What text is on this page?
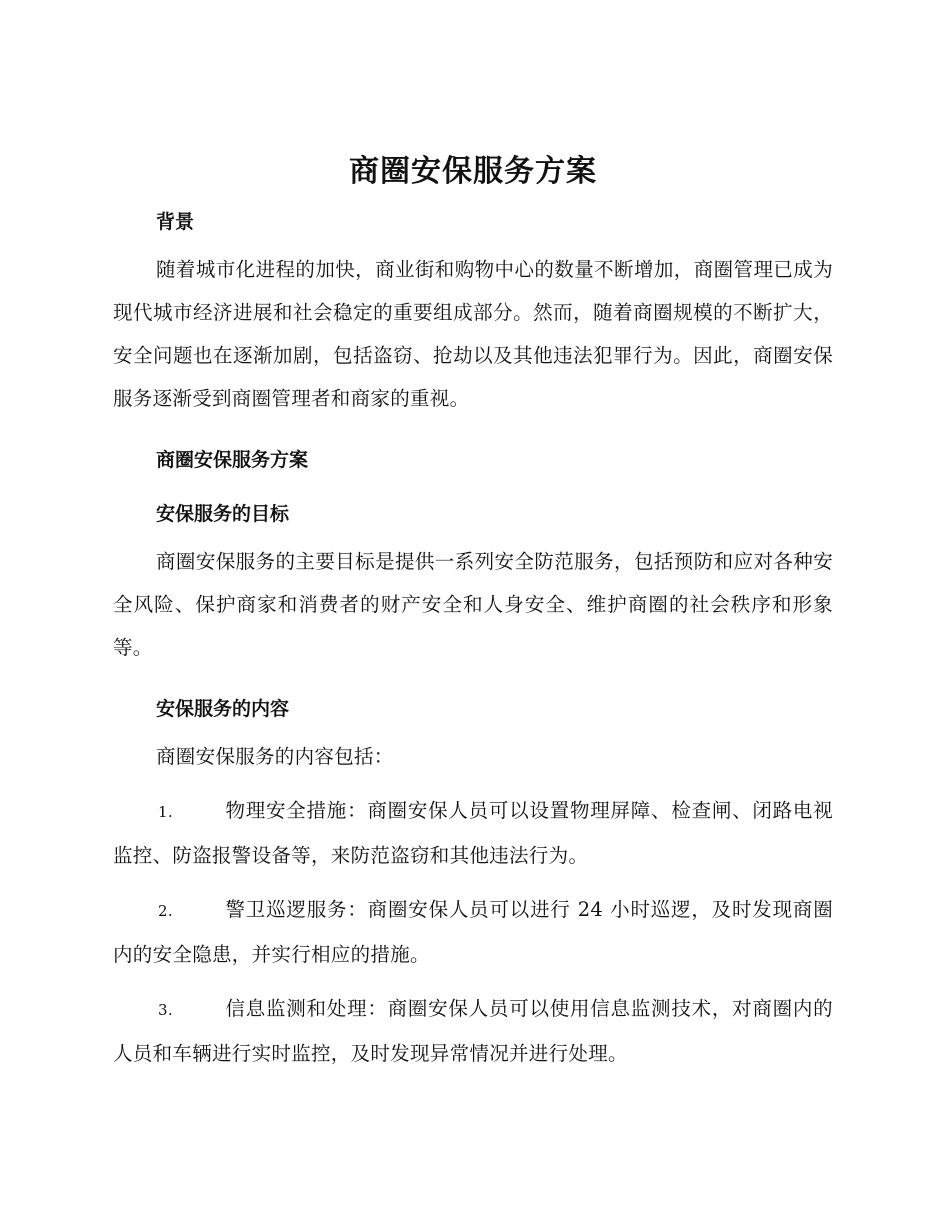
商圈安保服务方案
背景

随着城市化进程的加快，商业街和购物中心的数量不断增加，商圈管理已成为现代城市经济进展和社会稳定的重要组成部分。然而，随着商圈规模的不断扩大，安全问题也在逐渐加剧，包括盗窃、抢劫以及其他违法犯罪行为。因此，商圈安保服务逐渐受到商圈管理者和商家的重视。

商圈安保服务方案
安保服务的目标

商圈安保服务的主要目标是提供一系列安全防范服务，包括预防和应对各种安全风险、保护商家和消费者的财产安全和人身安全、维护商圈的社会秩序和形象等。

安保服务的内容

商圈安保服务的内容包括：

1.	物理安全措施：商圈安保人员可以设置物理屏障、检查闸、闭路电视监控、防盗报警设备等，来防范盗窃和其他违法行为。

2.	警卫巡逻服务：商圈安保人员可以进行 24 小时巡逻，及时发现商圈内的安全隐患，并实行相应的措施。

3.	信息监测和处理：商圈安保人员可以使用信息监测技术，对商圈内的人员和车辆进行实时监控，及时发现异常情况并进行处理。
